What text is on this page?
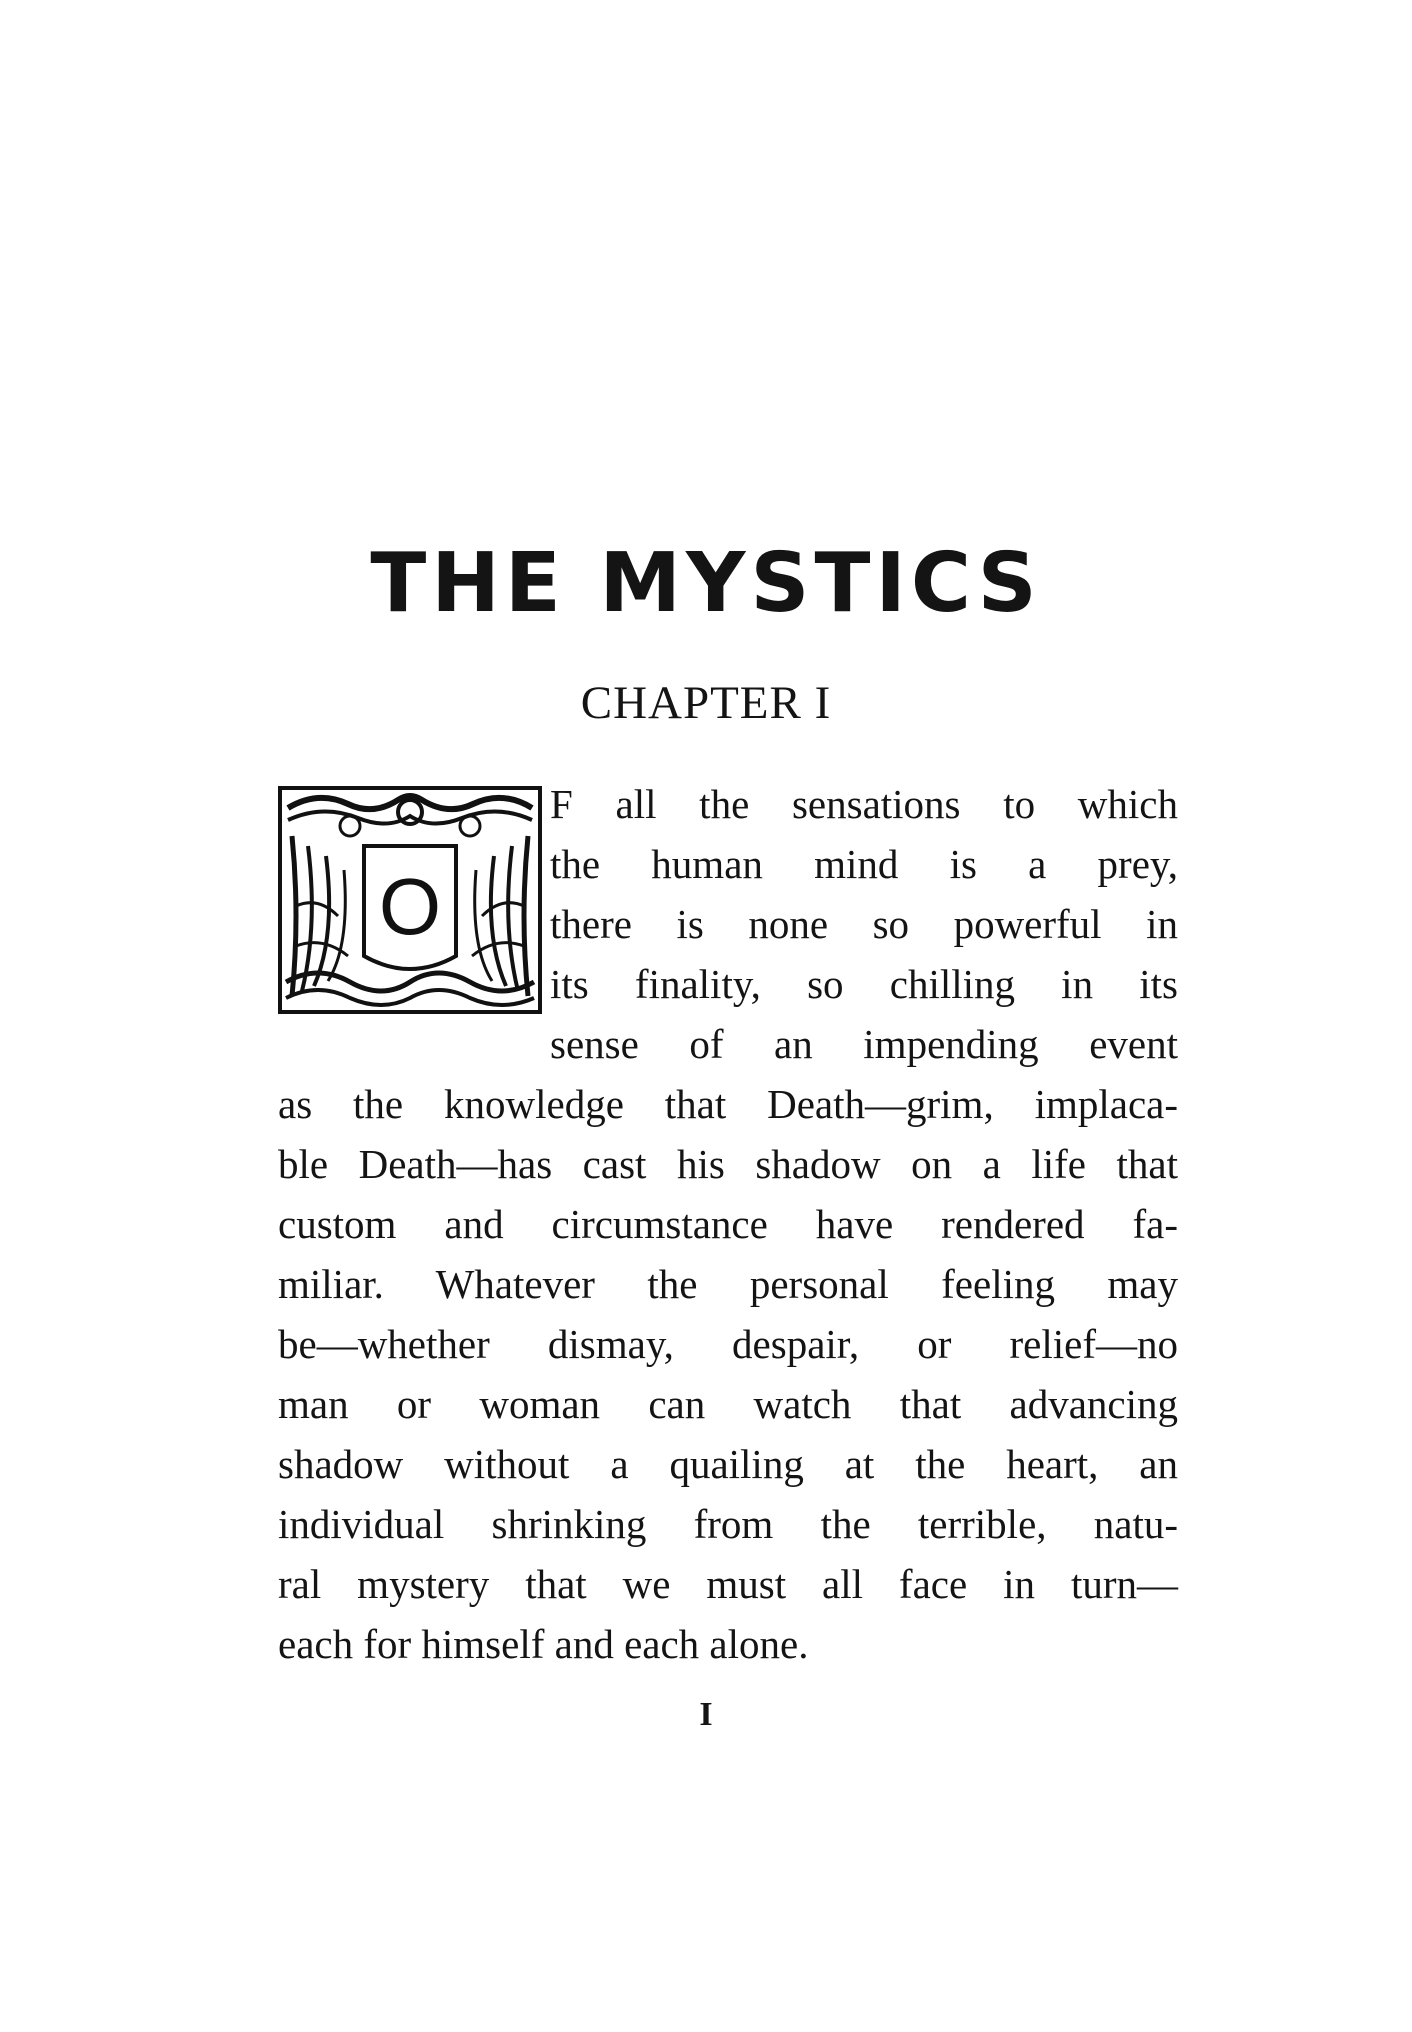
THE MYSTICS
CHAPTER I
O
F all the sensations to which
the human mind is a prey,
there is none so powerful in
its finality, so chilling in its
sense of an impending event
as the knowledge that Death—grim, implaca-
ble Death—has cast his shadow on a life that
custom and circumstance have rendered fa-
miliar. Whatever the personal feeling may
be—whether dismay, despair, or relief—no
man or woman can watch that advancing
shadow without a quailing at the heart, an
individual shrinking from the terrible, natu-
ral mystery that we must all face in turn—
each for himself and each alone.
I
